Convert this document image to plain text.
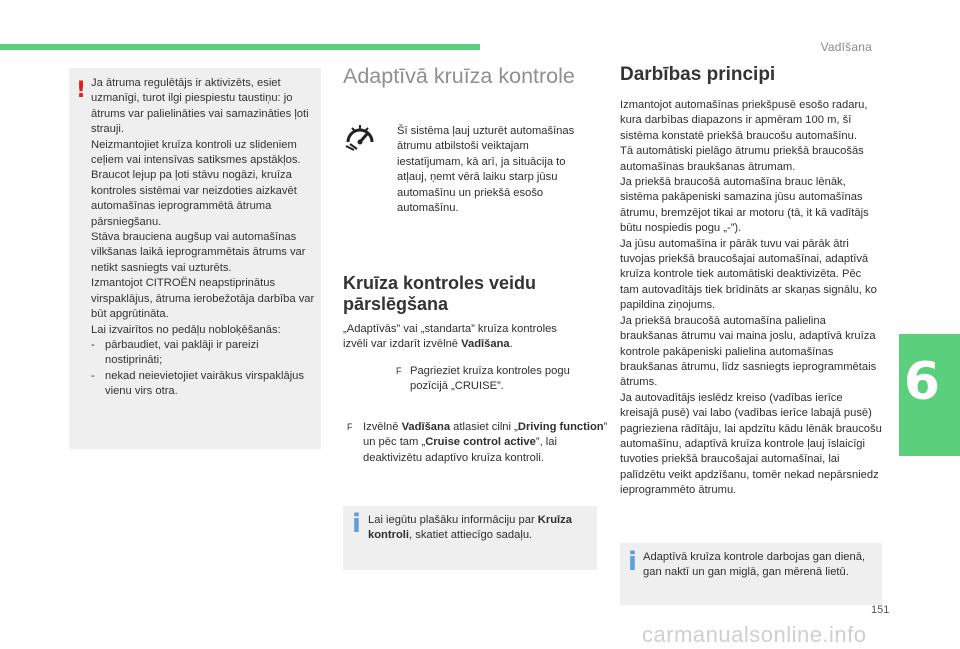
Vadīšana
! Ja ātruma regulētājs ir aktivizēts, esiet uzmanīgi, turot ilgi piespiestu taustiņu: jo ātrums var palielināties vai samazināties ļoti strauji.

Neizmantojiet kruīza kontroli uz slideniem ceļiem vai intensīvas satiksmes apstākļos.

Braucot lejup pa ļoti stāvu nogāzi, kruīza kontroles sistēmai var neizdoties aizkavēt automašīnas ieprogrammētā ātruma pārsniegšanu.

Stāva brauciena augšup vai automašīnas vilkšanas laikā ieprogrammētais ātrums var netikt sasniegts vai uzturēts.

Izmantojot CITROËN neapstiprinātus virspaklājus, ātruma ierobežotāja darbība var būt apgrūtināta.

Lai izvairītos no pedāļu nobloķēšanās:

- pārbaudiet, vai paklāji ir pareizi nostiprināti;

- nekad neievietojiet vairākus virspaklājus vienu virs otra.

Adaptīvā kruīza kontrole
Šī sistēma ļauj uzturēt automašīnas ātrumu atbilstoši veiktajam iestatījumam, kā arī, ja situācija to atļauj, ņemt vērā laiku starp jūsu automašīnu un priekšā esošo automašīnu.
Kruīza kontroles veidu pārslēgšana

„Adaptīvās” vai „standarta” kruīza kontroles izvēli var izdarīt izvēlnē Vadīšana.

F Pagrieziet kruīza kontroles pogu pozīcijā „CRUISE”.
F Izvēlnē Vadīšana atlasiet cilni „Driving function” un pēc tam „Cruise control active”, lai deaktivizētu adaptīvo kruīza kontroli.
i Lai iegūtu plašāku informāciju par Kruīza kontroli, skatiet attiecīgo sadaļu.
Darbības principi

Izmantojot automašīnas priekšpusē esošo radaru, kura darbības diapazons ir apmēram 100 m, šī sistēma konstatē priekšā braucošu automašīnu.

Tā automātiski pielāgo ātrumu priekšā braucošās automašīnas braukšanas ātrumam.

Ja priekšā braucošā automašīna brauc lēnāk, sistēma pakāpeniski samazina jūsu automašīnas ātrumu, bremzējot tikai ar motoru (tā, it kā vadītājs būtu nospiedis pogu „-”).

Ja jūsu automašīna ir pārāk tuvu vai pārāk ātri tuvojas priekšā braucošajai automašīnai, adaptīvā kruīza kontrole tiek automātiski deaktivizēta. Pēc tam autovadītājs tiek brīdināts ar skaņas signālu, ko papildina ziņojums.

Ja priekšā braucošā automašīna palielina braukšanas ātrumu vai maina joslu, adaptīvā kruīza kontrole pakāpeniski palielina automašīnas braukšanas ātrumu, līdz sasniegts ieprogrammētais ātrums.

Ja autovadītājs ieslēdz kreiso (vadības ierīce kreisajā pusē) vai labo (vadības ierīce labajā pusē) pagrieziena rādītāju, lai apdzītu kādu lēnāk braucošu automašīnu, adaptīvā kruīza kontrole ļauj īslaicīgi tuvoties priekšā braucošajai automašīnai, lai palīdzētu veikt apdzīšanu, tomēr nekad nepārsniedz ieprogrammēto ātrumu.

i Adaptīvā kruīza kontrole darbojas gan dienā, gan naktī un gan miglā, gan mērenā lietū.
6
151
carmanualsonline.info
